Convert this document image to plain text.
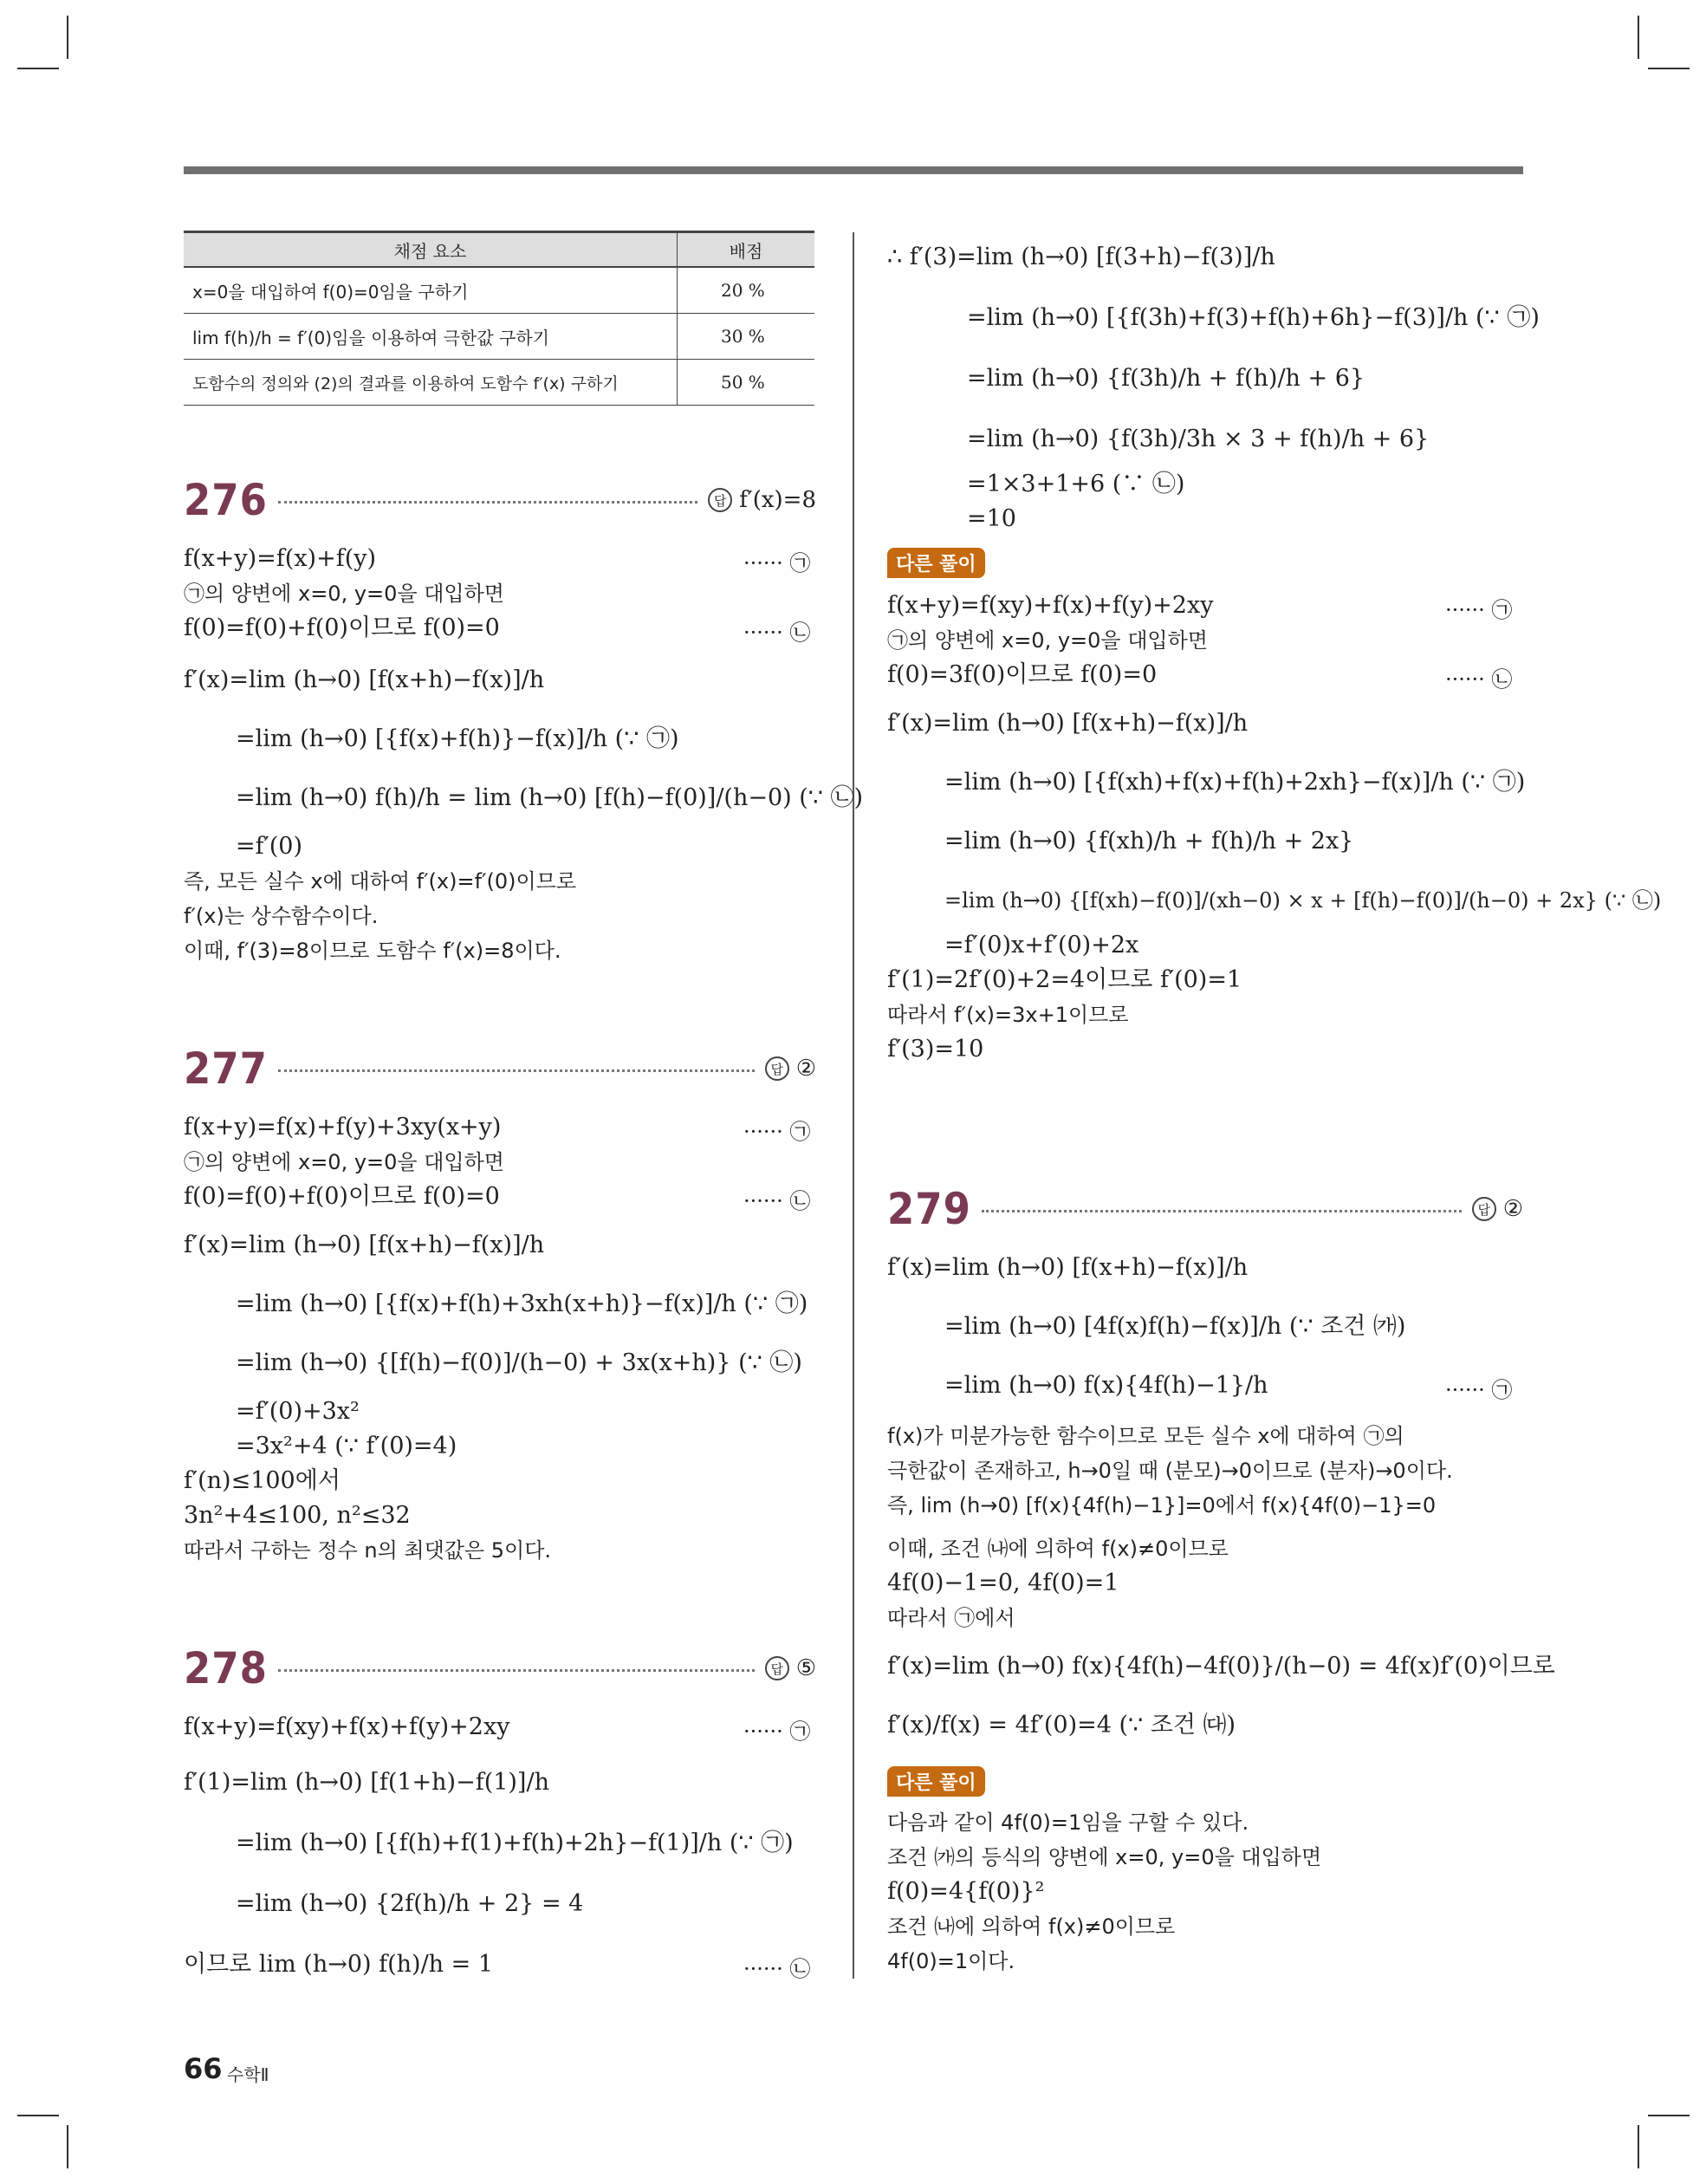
채점 요소	배점
x=0을 대입하여 f(0)=0임을 구하기	20 %
lim f(h)/h = f′(0)임을 이용하여 극한값 구하기	30 %
도함수의 정의와 (2)의 결과를 이용하여 도함수 f′(x) 구하기	50 %
276	답 f′(x)=8
f(x+y)=f(x)+f(y)	······ ㉠
㉠의 양변에 x=0, y=0을 대입하면
f(0)=f(0)+f(0)이므로 f(0)=0	······ ㉡
f′(x)=lim (h→0) [f(x+h)−f(x)]/h
=lim (h→0) [{f(x)+f(h)}−f(x)]/h (∵ ㉠)
=lim (h→0) f(h)/h = lim (h→0) [f(h)−f(0)]/(h−0) (∵ ㉡)
=f′(0)
즉, 모든 실수 x에 대하여 f′(x)=f′(0)이므로
f′(x)는 상수함수이다.
이때, f′(3)=8이므로 도함수 f′(x)=8이다.
277	답 ②
f(x+y)=f(x)+f(y)+3xy(x+y)	······ ㉠
㉠의 양변에 x=0, y=0을 대입하면
f(0)=f(0)+f(0)이므로 f(0)=0	······ ㉡
f′(x)=lim (h→0) [f(x+h)−f(x)]/h
=lim (h→0) [{f(x)+f(h)+3xh(x+h)}−f(x)]/h (∵ ㉠)
=lim (h→0) {[f(h)−f(0)]/(h−0) + 3x(x+h)} (∵ ㉡)
=f′(0)+3x²
=3x²+4 (∵ f′(0)=4)
f′(n)≤100에서
3n²+4≤100, n²≤32
따라서 구하는 정수 n의 최댓값은 5이다.
278	답 ⑤
f(x+y)=f(xy)+f(x)+f(y)+2xy	······ ㉠
f′(1)=lim (h→0) [f(1+h)−f(1)]/h
=lim (h→0) [{f(h)+f(1)+f(h)+2h}−f(1)]/h (∵ ㉠)
=lim (h→0) {2f(h)/h + 2} = 4
이므로 lim (h→0) f(h)/h = 1	······ ㉡
∴ f′(3)=lim (h→0) [f(3+h)−f(3)]/h
=lim (h→0) [{f(3h)+f(3)+f(h)+6h}−f(3)]/h (∵ ㉠)
=lim (h→0) {f(3h)/h + f(h)/h + 6}
=lim (h→0) {f(3h)/3h × 3 + f(h)/h + 6}
=1×3+1+6 (∵ ㉡)
=10
다른 풀이
f(x+y)=f(xy)+f(x)+f(y)+2xy	······ ㉠
㉠의 양변에 x=0, y=0을 대입하면
f(0)=3f(0)이므로 f(0)=0	······ ㉡
f′(x)=lim (h→0) [f(x+h)−f(x)]/h
=lim (h→0) [{f(xh)+f(x)+f(h)+2xh}−f(x)]/h (∵ ㉠)
=lim (h→0) {f(xh)/h + f(h)/h + 2x}
=lim (h→0) {[f(xh)−f(0)]/(xh−0) × x + [f(h)−f(0)]/(h−0) + 2x} (∵ ㉡)
=f′(0)x+f′(0)+2x
f′(1)=2f′(0)+2=4이므로 f′(0)=1
따라서 f′(x)=3x+1이므로
f′(3)=10
279	답 ②
f′(x)=lim (h→0) [f(x+h)−f(x)]/h
=lim (h→0) [4f(x)f(h)−f(x)]/h (∵ 조건 ㈎)
=lim (h→0) f(x){4f(h)−1}/h	······ ㉠
f(x)가 미분가능한 함수이므로 모든 실수 x에 대하여 ㉠의
극한값이 존재하고, h→0일 때 (분모)→0이므로 (분자)→0이다.
즉, lim (h→0) [f(x){4f(h)−1}]=0에서 f(x){4f(0)−1}=0
이때, 조건 ㈏에 의하여 f(x)≠0이므로
4f(0)−1=0, 4f(0)=1
따라서 ㉠에서
f′(x)=lim (h→0) f(x){4f(h)−4f(0)}/(h−0) = 4f(x)f′(0)이므로
f′(x)/f(x) = 4f′(0)=4 (∵ 조건 ㈐)
다른 풀이
다음과 같이 4f(0)=1임을 구할 수 있다.
조건 ㈎의 등식의 양변에 x=0, y=0을 대입하면
f(0)=4{f(0)}²
조건 ㈏에 의하여 f(x)≠0이므로
4f(0)=1이다.
66 수학Ⅱ
